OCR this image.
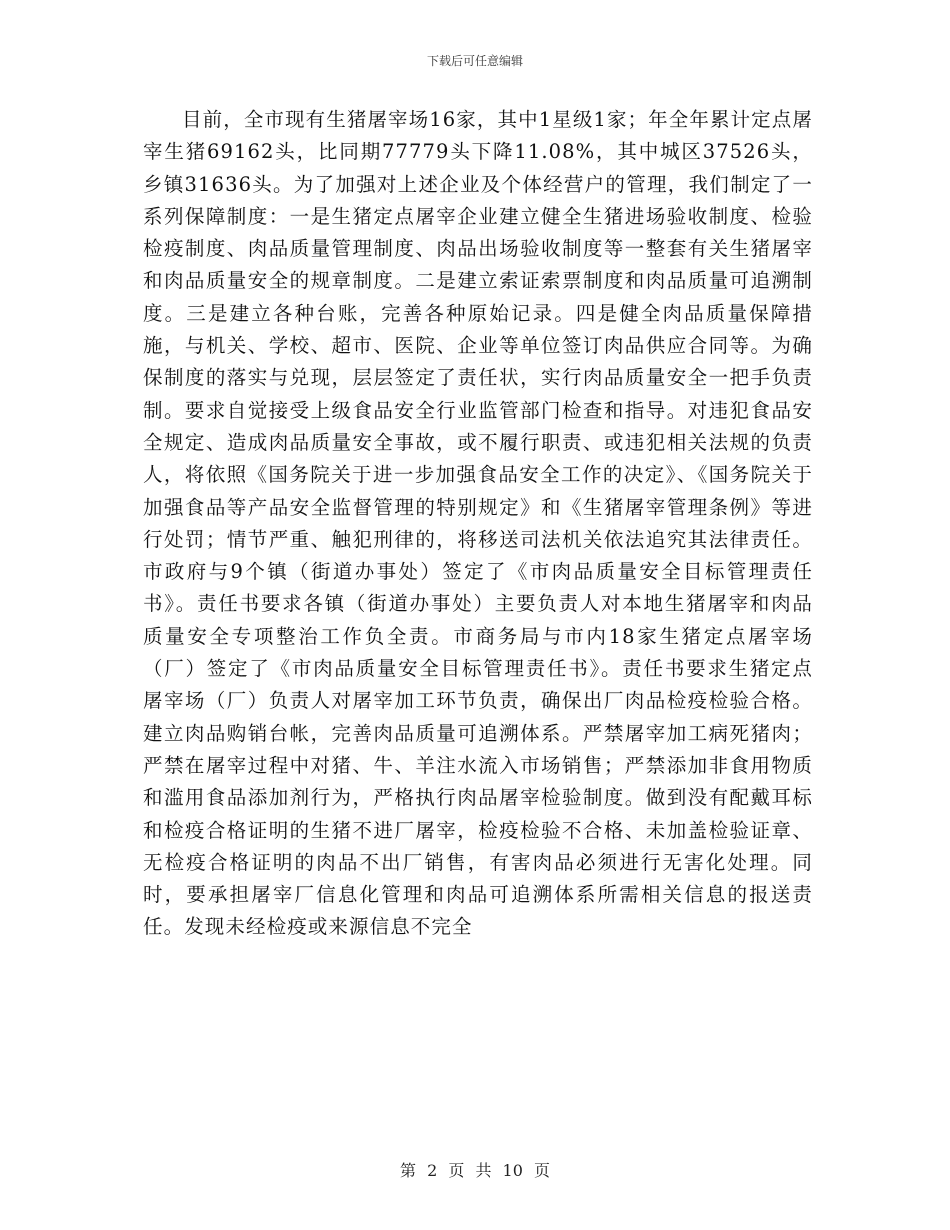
下载后可任意编辑

目前，全市现有生猪屠宰场16家，其中1星级1家；年全年累计定点屠宰生猪69162头，比同期77779头下降11.08%，其中城区37526头，乡镇31636头。为了加强对上述企业及个体经营户的管理，我们制定了一系列保障制度：一是生猪定点屠宰企业建立健全生猪进场验收制度、检验检疫制度、肉品质量管理制度、肉品出场验收制度等一整套有关生猪屠宰和肉品质量安全的规章制度。二是建立索证索票制度和肉品质量可追溯制度。三是建立各种台账，完善各种原始记录。四是健全肉品质量保障措施，与机关、学校、超市、医院、企业等单位签订肉品供应合同等。为确保制度的落实与兑现，层层签定了责任状，实行肉品质量安全一把手负责制。要求自觉接受上级食品安全行业监管部门检查和指导。对违犯食品安全规定、造成肉品质量安全事故，或不履行职责、或违犯相关法规的负责人，将依照《国务院关于进一步加强食品安全工作的决定》、《国务院关于加强食品等产品安全监督管理的特别规定》和《生猪屠宰管理条例》等进行处罚；情节严重、触犯刑律的，将移送司法机关依法追究其法律责任。市政府与9个镇（街道办事处）签定了《市肉品质量安全目标管理责任书》。责任书要求各镇（街道办事处）主要负责人对本地生猪屠宰和肉品质量安全专项整治工作负全责。市商务局与市内18家生猪定点屠宰场（厂）签定了《市肉品质量安全目标管理责任书》。责任书要求生猪定点屠宰场（厂）负责人对屠宰加工环节负责，确保出厂肉品检疫检验合格。建立肉品购销台帐，完善肉品质量可追溯体系。严禁屠宰加工病死猪肉；严禁在屠宰过程中对猪、牛、羊注水流入市场销售；严禁添加非食用物质和滥用食品添加剂行为，严格执行肉品屠宰检验制度。做到没有配戴耳标和检疫合格证明的生猪不进厂屠宰，检疫检验不合格、未加盖检验证章、无检疫合格证明的肉品不出厂销售，有害肉品必须进行无害化处理。同时，要承担屠宰厂信息化管理和肉品可追溯体系所需相关信息的报送责任。发现未经检疫或来源信息不完全

第 2 页 共 10 页
